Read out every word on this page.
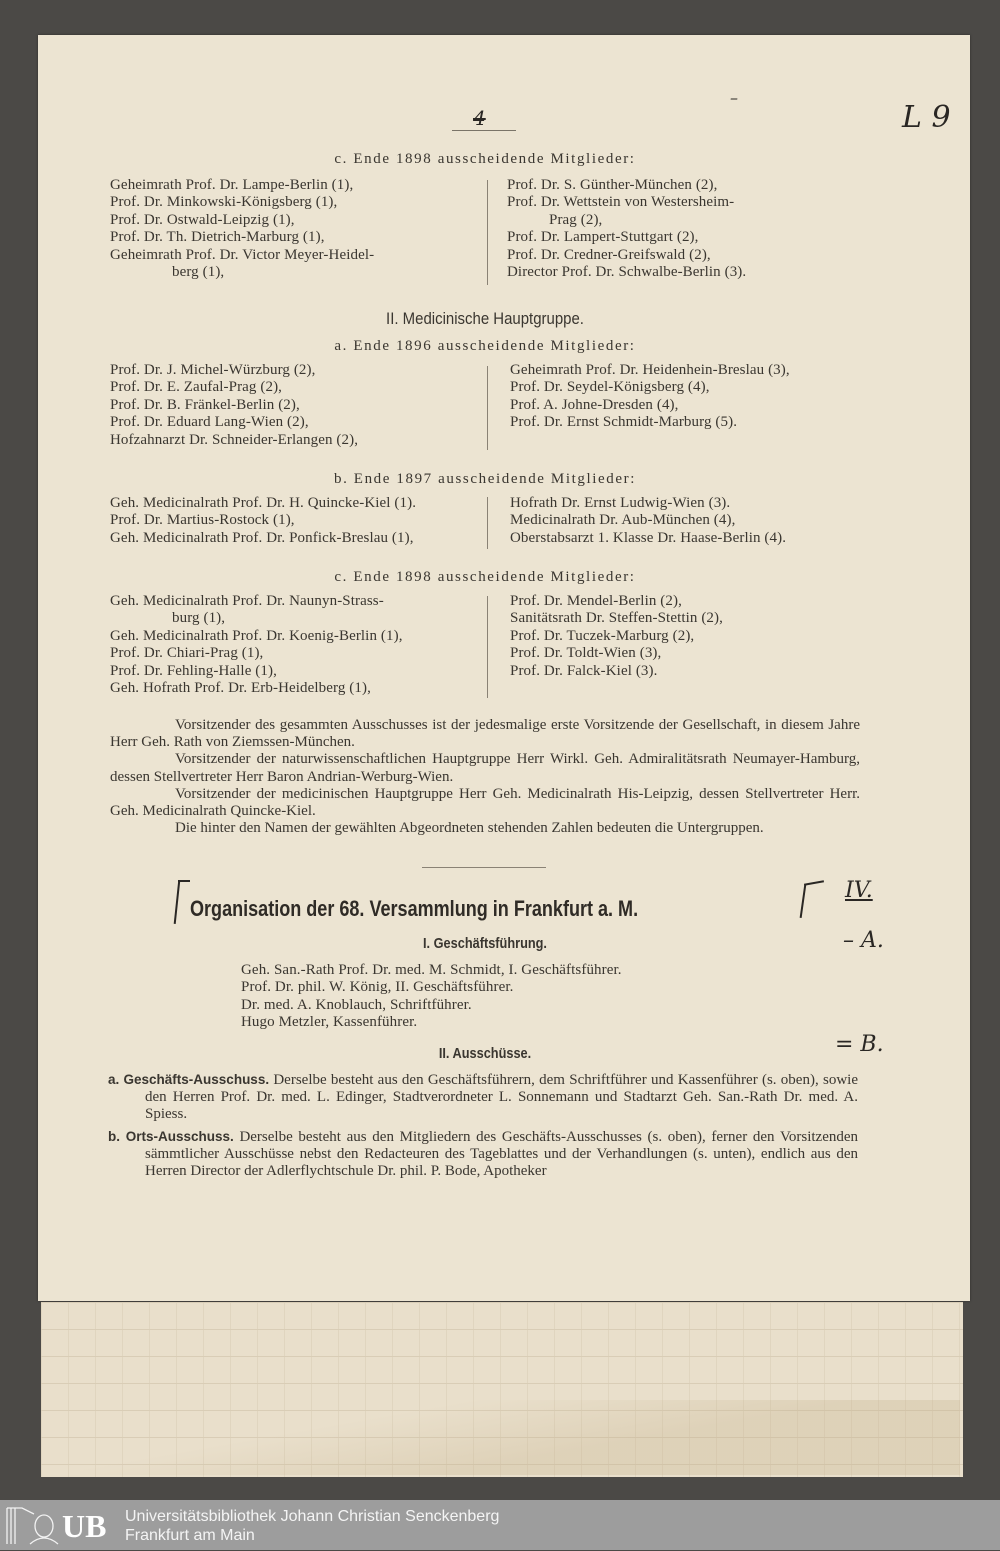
4
–
L 9
c. Ende 1898 ausscheidende Mitglieder:
Geheimrath Prof. Dr. Lampe-Berlin (1),
Prof. Dr. Minkowski-Königsberg (1),
Prof. Dr. Ostwald-Leipzig (1),
Prof. Dr. Th. Dietrich-Marburg (1),
Geheimrath Prof. Dr. Victor Meyer-Heidel-
berg (1),
Prof. Dr. S. Günther-München (2),
Prof. Dr. Wettstein von Westersheim-
Prag (2),
Prof. Dr. Lampert-Stuttgart (2),
Prof. Dr. Credner-Greifswald (2),
Director Prof. Dr. Schwalbe-Berlin (3).
II. Medicinische Hauptgruppe.
a. Ende 1896 ausscheidende Mitglieder:
Prof. Dr. J. Michel-Würzburg (2),
Prof. Dr. E. Zaufal-Prag (2),
Prof. Dr. B. Fränkel-Berlin (2),
Prof. Dr. Eduard Lang-Wien (2),
Hofzahnarzt Dr. Schneider-Erlangen (2),
Geheimrath Prof. Dr. Heidenhein-Breslau (3),
Prof. Dr. Seydel-Königsberg (4),
Prof. A. Johne-Dresden (4),
Prof. Dr. Ernst Schmidt-Marburg (5).
b. Ende 1897 ausscheidende Mitglieder:
Geh. Medicinalrath Prof. Dr. H. Quincke-Kiel (1).
Prof. Dr. Martius-Rostock (1),
Geh. Medicinalrath Prof. Dr. Ponfick-Breslau (1),
Hofrath Dr. Ernst Ludwig-Wien (3).
Medicinalrath Dr. Aub-München (4),
Oberstabsarzt 1. Klasse Dr. Haase-Berlin (4).
c. Ende 1898 ausscheidende Mitglieder:
Geh. Medicinalrath Prof. Dr. Naunyn-Strass-
burg (1),
Geh. Medicinalrath Prof. Dr. Koenig-Berlin (1),
Prof. Dr. Chiari-Prag (1),
Prof. Dr. Fehling-Halle (1),
Geh. Hofrath Prof. Dr. Erb-Heidelberg (1),
Prof. Dr. Mendel-Berlin (2),
Sanitätsrath Dr. Steffen-Stettin (2),
Prof. Dr. Tuczek-Marburg (2),
Prof. Dr. Toldt-Wien (3),
Prof. Dr. Falck-Kiel (3).

Vorsitzender des gesammten Ausschusses ist der jedesmalige erste Vorsitzende der Gesellschaft, in diesem Jahre Herr Geh. Rath von Ziemssen-München.

Vorsitzender der naturwissenschaftlichen Hauptgruppe Herr Wirkl. Geh. Admiralitätsrath Neumayer-Hamburg, dessen Stellvertreter Herr Baron Andrian-Werburg-Wien.

Vorsitzender der medicinischen Hauptgruppe Herr Geh. Medicinalrath His-Leipzig, dessen Stellvertreter Herr. Geh. Medicinalrath Quincke-Kiel.

Die hinter den Namen der gewählten Abgeordneten stehenden Zahlen bedeuten die Untergruppen.

Organisation der 68. Versammlung in Frankfurt a. M.
IV.
I. Geschäftsführung.	– A.
Geh. San.-Rath Prof. Dr. med. M. Schmidt, I. Geschäftsführer.
Prof. Dr. phil. W. König, II. Geschäftsführer.
Dr. med. A. Knoblauch, Schriftführer.
Hugo Metzler, Kassenführer.
II. Ausschüsse.	= B.

a. Geschäfts-Ausschuss. Derselbe besteht aus den Geschäftsführern, dem Schriftführer und Kassenführer (s. oben), sowie den Herren Prof. Dr. med. L. Edinger, Stadtverordneter L. Sonnemann und Stadtarzt Geh. San.-Rath Dr. med. A. Spiess.

b. Orts-Ausschuss. Derselbe besteht aus den Mitgliedern des Geschäfts-Ausschusses (s. oben), ferner den Vorsitzenden sämmtlicher Ausschüsse nebst den Redacteuren des Tageblattes und der Verhandlungen (s. unten), endlich aus den Herren Director der Adlerflychtschule Dr. phil. P. Bode, Apotheker

UB Universitätsbibliothek Johann Christian Senckenberg
Frankfurt am Main
